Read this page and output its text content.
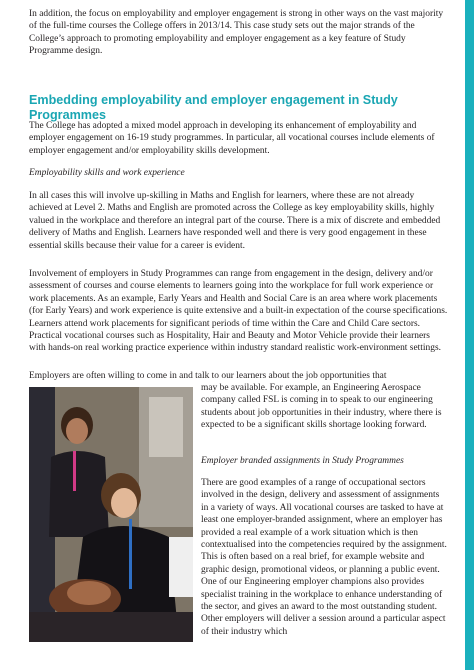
In addition, the focus on employability and employer engagement is strong in other ways on the vast majority of the full-time courses the College offers in 2013/14. This case study sets out the major strands of the College’s approach to promoting employability and employer engagement as a key feature of Study Programme design.

Embedding employability and employer engagement in Study Programmes

The College has adopted a mixed model approach in developing its enhancement of employability and employer engagement on 16-19 study programmes. In particular, all vocational courses include elements of employer engagement and/or employability skills development.

Employability skills and work experience

In all cases this will involve up-skilling in Maths and English for learners, where these are not already achieved at Level 2. Maths and English are promoted across the College as key employability skills, highly valued in the workplace and therefore an integral part of the course. There is a mix of discrete and embedded delivery of Maths and English. Learners have responded well and there is very good engagement in these essential skills because their value for a career is evident.

Involvement of employers in Study Programmes can range from engagement in the design, delivery and/or assessment of courses and course elements to learners going into the workplace for full work experience or work placements. As an example, Early Years and Health and Social Care is an area where work placements (for Early Years) and work experience is quite extensive and a built-in expectation of the course specifications. Learners attend work placements for significant periods of time within the Care and Child Care sectors. Practical vocational courses such as Hospitality, Hair and Beauty and Motor Vehicle provide their learners with hands-on real working practice experience within industry standard realistic work-environment settings.

Employers are often willing to come in and talk to our learners about the job opportunities that

may be available. For example, an Engineering Aerospace company called FSL is coming in to speak to our engineering students about job opportunities in their industry, where there is expected to be a significant skills shortage looking forward.

Employer branded assignments in Study Programmes

There are good examples of a range of occupational sectors involved in the design, delivery and assessment of assignments in a variety of ways. All vocational courses are tasked to have at least one employer-branded assignment, where an employer has provided a real example of a work situation which is then contextualised into the competencies required by the assignment. This is often based on a real brief, for example website and graphic design, promotional videos, or planning a public event. One of our Engineering employer champions also provides specialist training in the workplace to enhance understanding of the sector, and gives an award to the most outstanding student. Other employers will deliver a session around a particular aspect of their industry which
